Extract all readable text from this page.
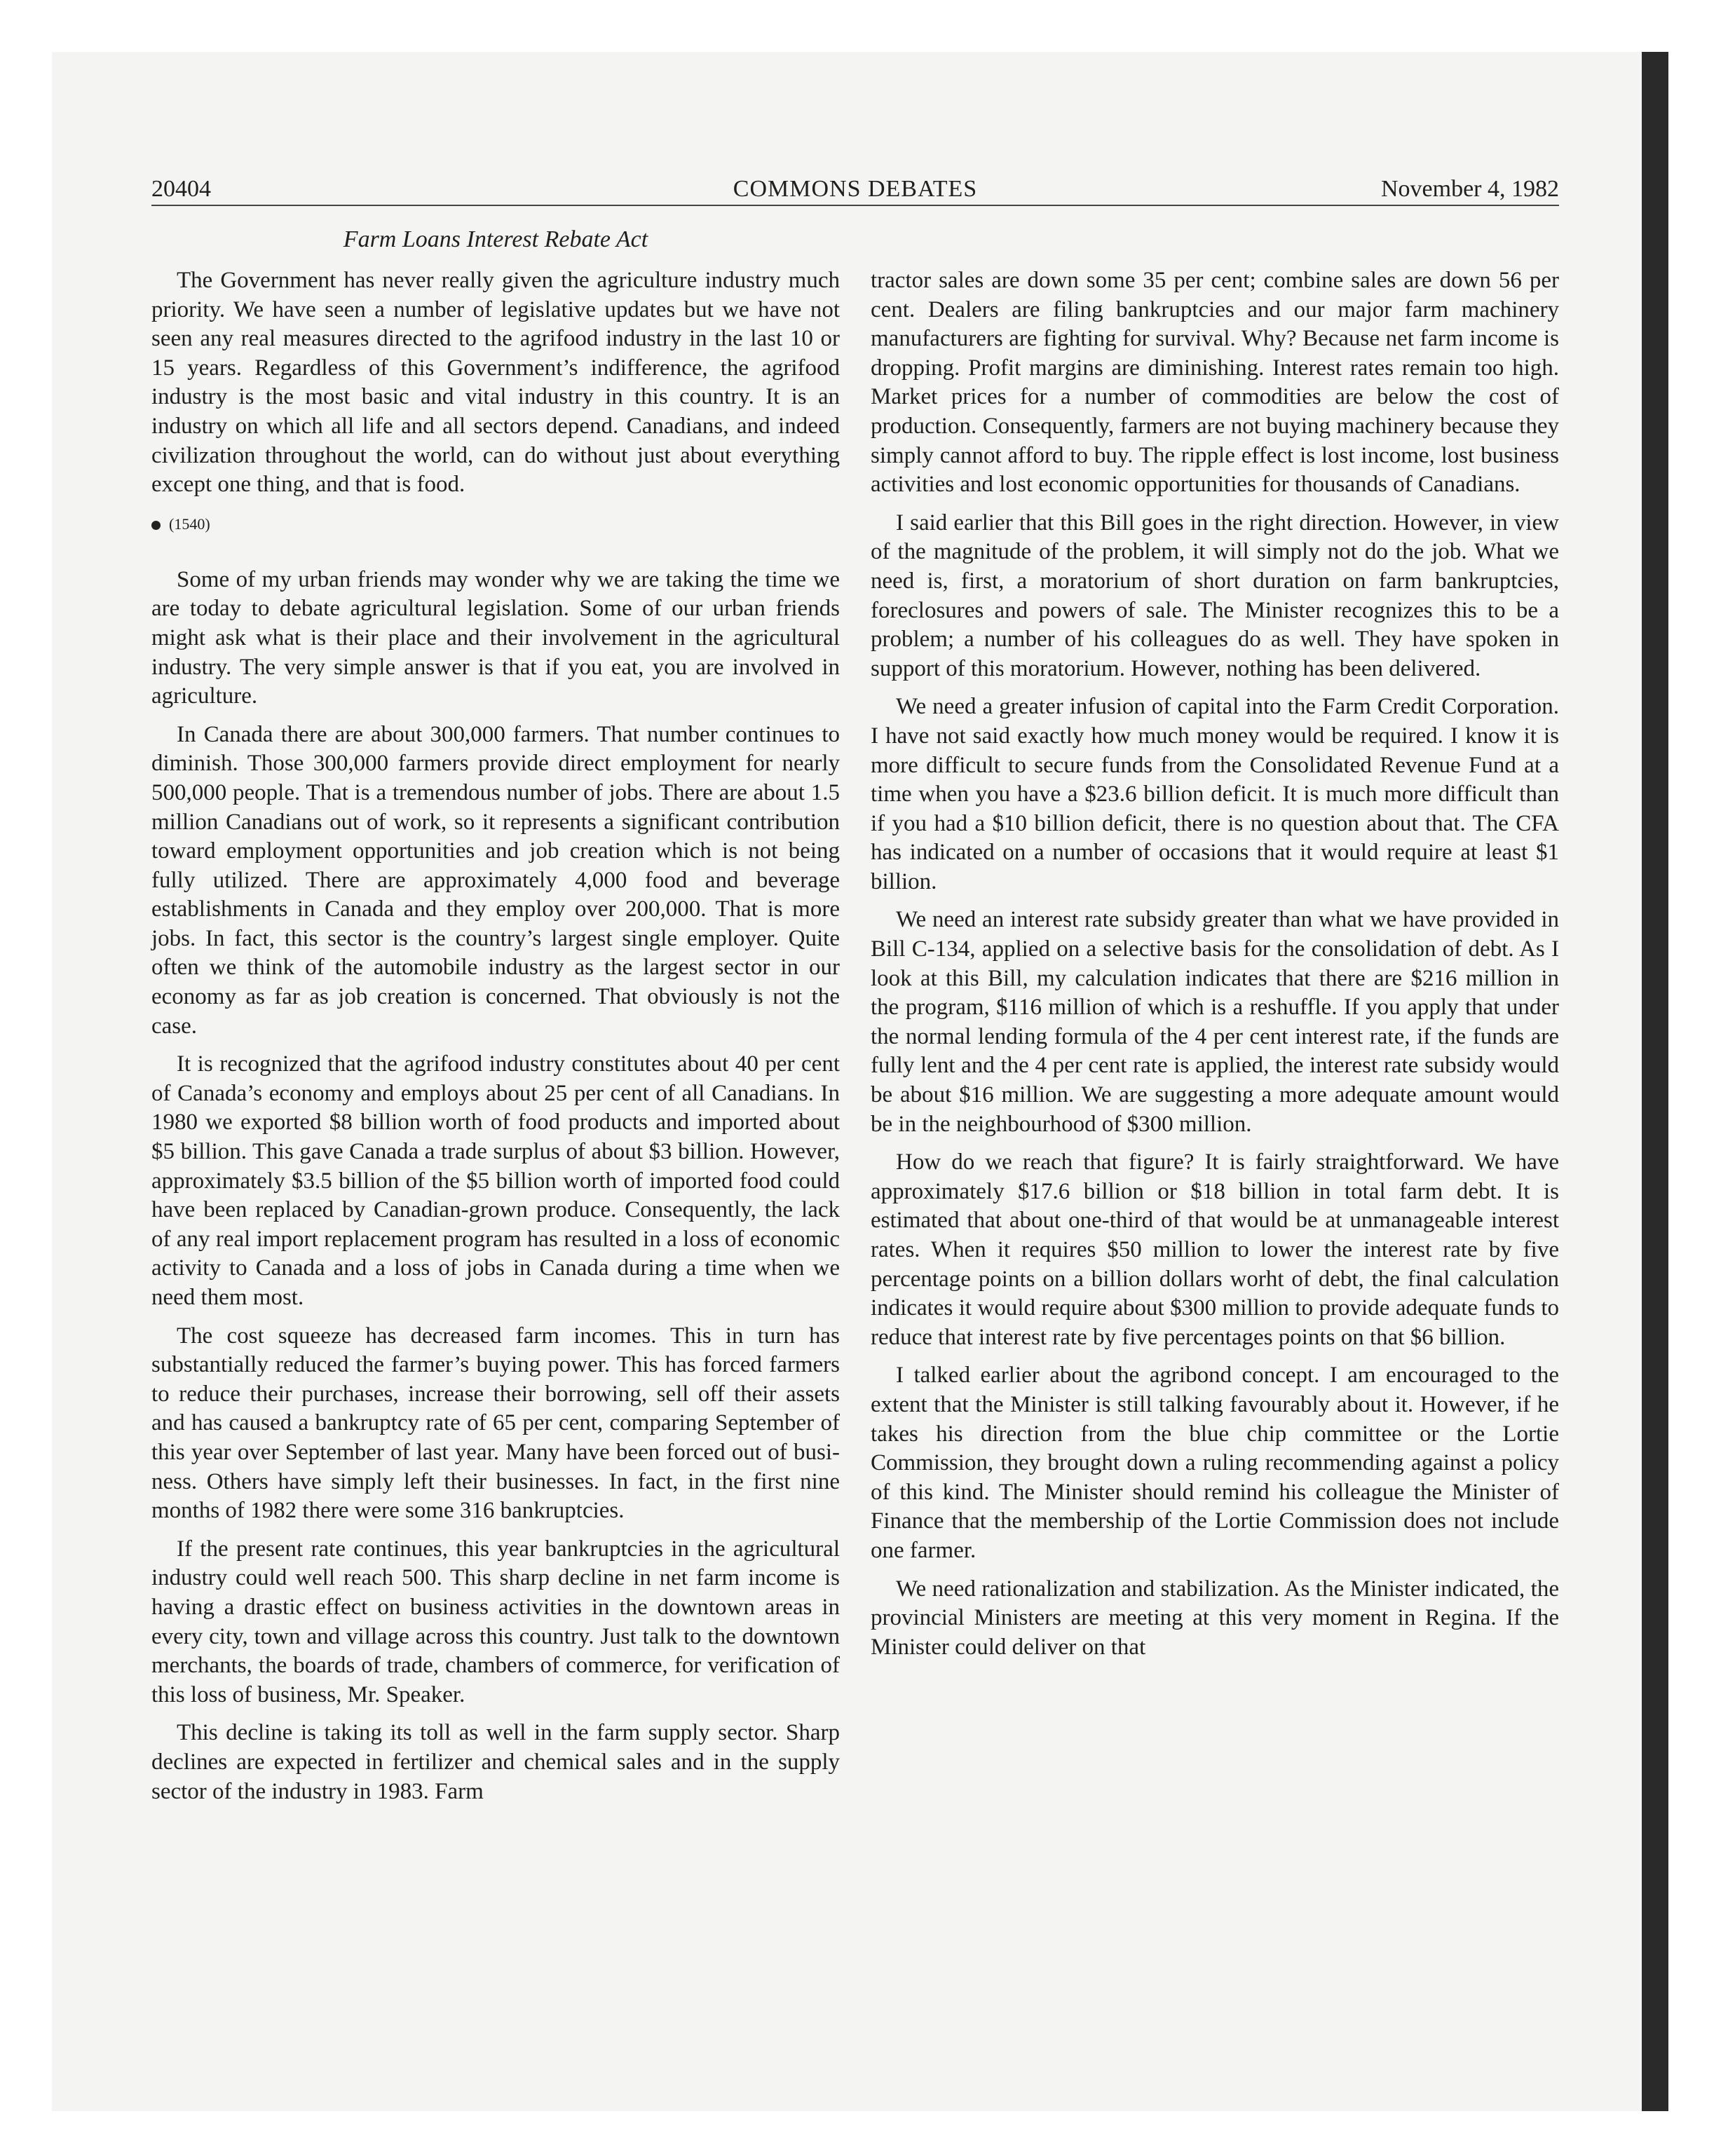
20404	COMMONS DEBATES	November 4, 1982
Farm Loans Interest Rebate Act

The Government has never really given the agriculture industry much priority. We have seen a number of legislative updates but we have not seen any real measures directed to the agrifood industry in the last 10 or 15 years. Regardless of this Government’s indifference, the agrifood industry is the most basic and vital industry in this country. It is an industry on which all life and all sectors depend. Canadians, and indeed civilization throughout the world, can do without just about everything except one thing, and that is food.

(1540)

Some of my urban friends may wonder why we are taking the time we are today to debate agricultural legislation. Some of our urban friends might ask what is their place and their involvement in the agricultural industry. The very simple answer is that if you eat, you are involved in agriculture.

In Canada there are about 300,000 farmers. That number continues to diminish. Those 300,000 farmers provide direct employment for nearly 500,000 people. That is a tremendous number of jobs. There are about 1.5 million Canadians out of work, so it represents a significant contribution toward employment opportunities and job creation which is not being fully utilized. There are approximately 4,000 food and beverage establishments in Canada and they employ over 200,000. That is more jobs. In fact, this sector is the country’s largest single employer. Quite often we think of the automobile industry as the largest sector in our economy as far as job creation is concerned. That obviously is not the case.

It is recognized that the agrifood industry constitutes about 40 per cent of Canada’s economy and employs about 25 per cent of all Canadians. In 1980 we exported $8 billion worth of food products and imported about $5 billion. This gave Canada a trade surplus of about $3 billion. However, approximately $3.5 billion of the $5 billion worth of imported food could have been replaced by Canadian-grown produce. Consequently, the lack of any real import replacement program has resulted in a loss of economic activity to Canada and a loss of jobs in Canada during a time when we need them most.

The cost squeeze has decreased farm incomes. This in turn has substantially reduced the farmer’s buying power. This has forced farmers to reduce their purchases, increase their borrowing, sell off their assets and has caused a bankruptcy rate of 65 per cent, comparing September of this year over September of last year. Many have been forced out of business. Others have simply left their businesses. In fact, in the first nine months of 1982 there were some 316 bankruptcies.

If the present rate continues, this year bankruptcies in the agricultural industry could well reach 500. This sharp decline in net farm income is having a drastic effect on business activities in the downtown areas in every city, town and village across this country. Just talk to the downtown merchants, the boards of trade, chambers of commerce, for verification of this loss of business, Mr. Speaker.

This decline is taking its toll as well in the farm supply sector. Sharp declines are expected in fertilizer and chemical sales and in the supply sector of the industry in 1983. Farm

tractor sales are down some 35 per cent; combine sales are down 56 per cent. Dealers are filing bankruptcies and our major farm machinery manufacturers are fighting for survival. Why? Because net farm income is dropping. Profit margins are diminishing. Interest rates remain too high. Market prices for a number of commodities are below the cost of production. Consequently, farmers are not buying machinery because they simply cannot afford to buy. The ripple effect is lost income, lost business activities and lost economic opportunities for thousands of Canadians.

I said earlier that this Bill goes in the right direction. However, in view of the magnitude of the problem, it will simply not do the job. What we need is, first, a moratorium of short duration on farm bankruptcies, foreclosures and powers of sale. The Minister recognizes this to be a problem; a number of his colleagues do as well. They have spoken in support of this moratorium. However, nothing has been delivered.

We need a greater infusion of capital into the Farm Credit Corporation. I have not said exactly how much money would be required. I know it is more difficult to secure funds from the Consolidated Revenue Fund at a time when you have a $23.6 billion deficit. It is much more difficult than if you had a $10 billion deficit, there is no question about that. The CFA has indicated on a number of occasions that it would require at least $1 billion.

We need an interest rate subsidy greater than what we have provided in Bill C-134, applied on a selective basis for the consolidation of debt. As I look at this Bill, my calculation indicates that there are $216 million in the program, $116 million of which is a reshuffle. If you apply that under the normal lending formula of the 4 per cent interest rate, if the funds are fully lent and the 4 per cent rate is applied, the interest rate subsidy would be about $16 million. We are suggesting a more adequate amount would be in the neighbourhood of $300 million.

How do we reach that figure? It is fairly straightforward. We have approximately $17.6 billion or $18 billion in total farm debt. It is estimated that about one-third of that would be at unmanageable interest rates. When it requires $50 million to lower the interest rate by five percentage points on a billion dollars worht of debt, the final calculation indicates it would require about $300 million to provide adequate funds to reduce that interest rate by five percentages points on that $6 billion.

I talked earlier about the agribond concept. I am encouraged to the extent that the Minister is still talking favourably about it. However, if he takes his direction from the blue chip committee or the Lortie Commission, they brought down a ruling recommending against a policy of this kind. The Minister should remind his colleague the Minister of Finance that the membership of the Lortie Commission does not include one farmer.

We need rationalization and stabilization. As the Minister indicated, the provincial Ministers are meeting at this very moment in Regina. If the Minister could deliver on that
